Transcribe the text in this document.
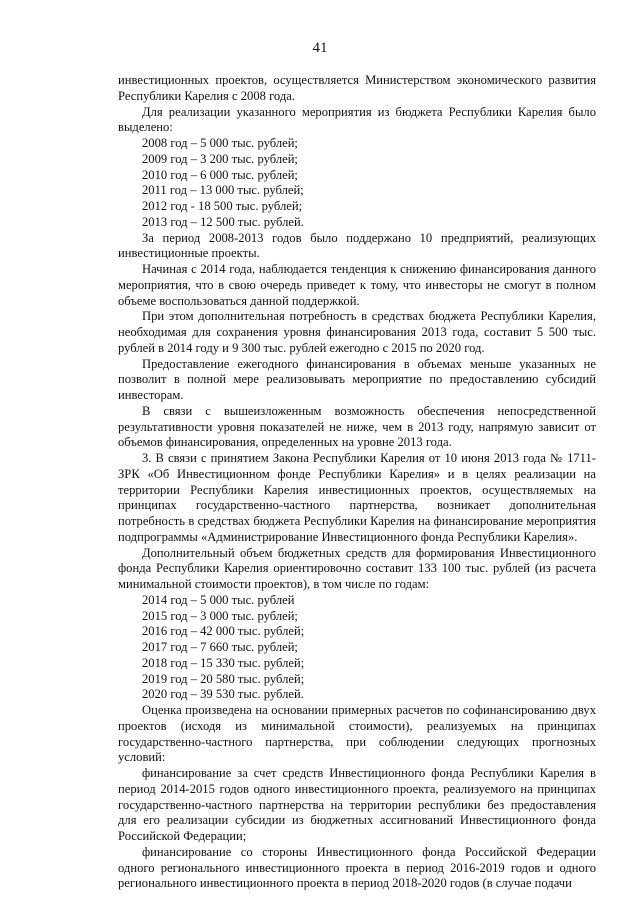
41

инвестиционных проектов, осуществляется Министерством экономического развития Республики Карелия с 2008 года.

Для реализации указанного мероприятия из бюджета Республики Карелия было выделено:

2008 год – 5 000 тыс. рублей;

2009 год – 3 200 тыс. рублей;

2010 год – 6 000 тыс. рублей;

2011 год – 13 000 тыс. рублей;

2012 год - 18 500 тыс. рублей;

2013 год – 12 500 тыс. рублей.

За период 2008-2013 годов было поддержано 10 предприятий, реализующих инвестиционные проекты.

Начиная с 2014 года, наблюдается тенденция к снижению финансирования данного мероприятия, что в свою очередь приведет к тому, что инвесторы не смогут в полном объеме воспользоваться данной поддержкой.

При этом дополнительная потребность в средствах бюджета Республики Карелия, необходимая для сохранения уровня финансирования 2013 года, составит 5 500 тыс. рублей в 2014 году и 9 300 тыс. рублей ежегодно с 2015 по 2020 год.

Предоставление ежегодного финансирования в объемах меньше указанных не позволит в полной мере реализовывать мероприятие по предоставлению субсидий инвесторам.

В связи с вышеизложенным возможность обеспечения непосредственной результативности уровня показателей не ниже, чем в 2013 году, напрямую зависит от объемов финансирования, определенных на уровне 2013 года.

3. В связи с принятием Закона Республики Карелия от 10 июня 2013 года № 1711-ЗРК «Об Инвестиционном фонде Республики Карелия» и в целях реализации на территории Республики Карелия инвестиционных проектов, осуществляемых на принципах государственно-частного партнерства, возникает дополнительная потребность в средствах бюджета Республики Карелия на финансирование мероприятия подпрограммы «Администрирование Инвестиционного фонда Республики Карелия».

Дополнительный объем бюджетных средств для формирования Инвестиционного фонда Республики Карелия ориентировочно составит 133 100 тыс. рублей (из расчета минимальной стоимости проектов), в том числе по годам:

2014 год – 5 000 тыс. рублей

2015 год – 3 000 тыс. рублей;

2016 год – 42 000 тыс. рублей;

2017 год – 7 660 тыс. рублей;

2018 год – 15 330 тыс. рублей;

2019 год – 20 580 тыс. рублей;

2020 год – 39 530 тыс. рублей.

Оценка произведена на основании примерных расчетов по софинансированию двух проектов (исходя из минимальной стоимости), реализуемых на принципах государственно-частного партнерства, при соблюдении следующих прогнозных условий:

финансирование за счет средств Инвестиционного фонда Республики Карелия в период 2014-2015 годов одного инвестиционного проекта, реализуемого на принципах государственно-частного партнерства на территории республики без предоставления для его реализации субсидии из бюджетных ассигнований Инвестиционного фонда Российской Федерации;

финансирование со стороны Инвестиционного фонда Российской Федерации одного регионального инвестиционного проекта в период 2016-2019 годов и одного регионального инвестиционного проекта в период 2018-2020 годов (в случае подачи
